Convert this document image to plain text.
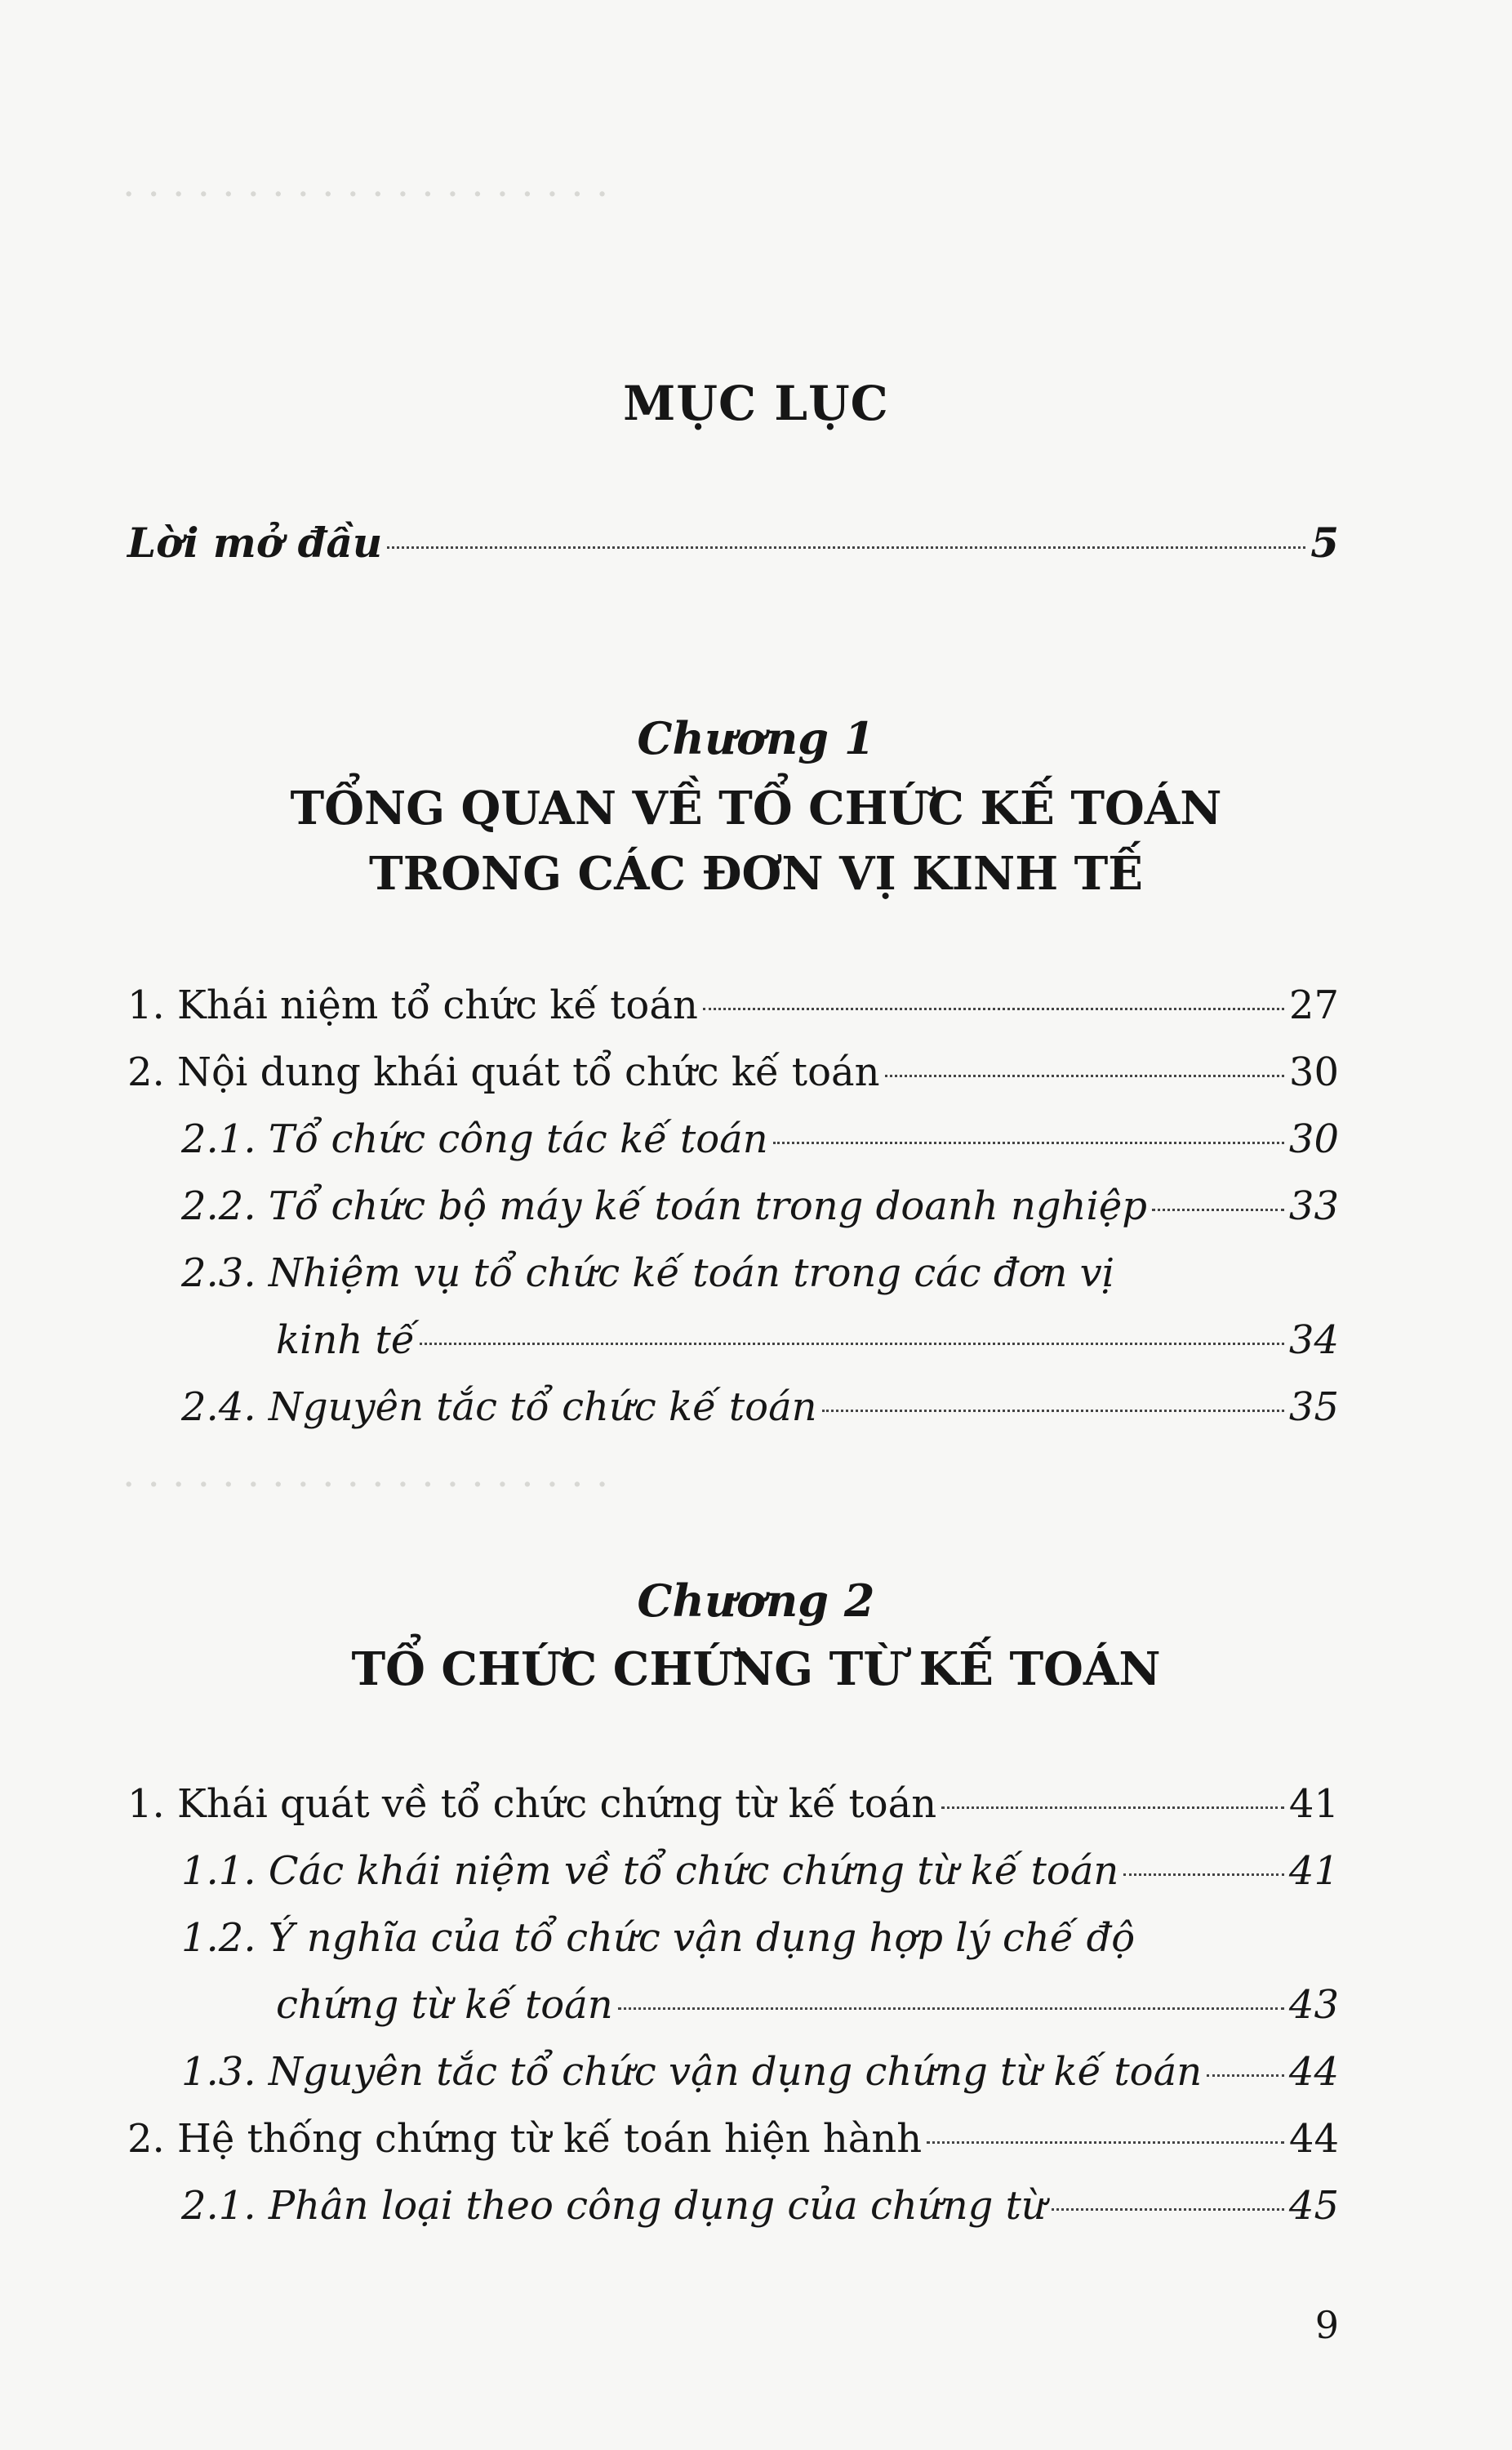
· · · · · · · · · · · · · · · · · · · ·
· · · · · · · · · · · · · · · · · · · ·
MỤC LỤC
Lời mở đầu	5
Chương 1
TỔNG QUAN VỀ TỔ CHỨC KẾ TOÁN
TRONG CÁC ĐƠN VỊ KINH TẾ
1. Khái niệm tổ chức kế toán	27
2. Nội dung khái quát tổ chức kế toán	30
2.1. Tổ chức công tác kế toán	30
2.2. Tổ chức bộ máy kế toán trong doanh nghiệp	33
2.3. Nhiệm vụ tổ chức kế toán trong các đơn vị
kinh tế	34
2.4. Nguyên tắc tổ chức kế toán	35
Chương 2
TỔ CHỨC CHỨNG TỪ KẾ TOÁN
1. Khái quát về tổ chức chứng từ kế toán	41
1.1. Các khái niệm về tổ chức chứng từ kế toán	41
1.2. Ý nghĩa của tổ chức vận dụng hợp lý chế độ
chứng từ kế toán	43
1.3. Nguyên tắc tổ chức vận dụng chứng từ kế toán 44
2. Hệ thống chứng từ kế toán hiện hành	44
2.1. Phân loại theo công dụng của chứng từ	45
9
